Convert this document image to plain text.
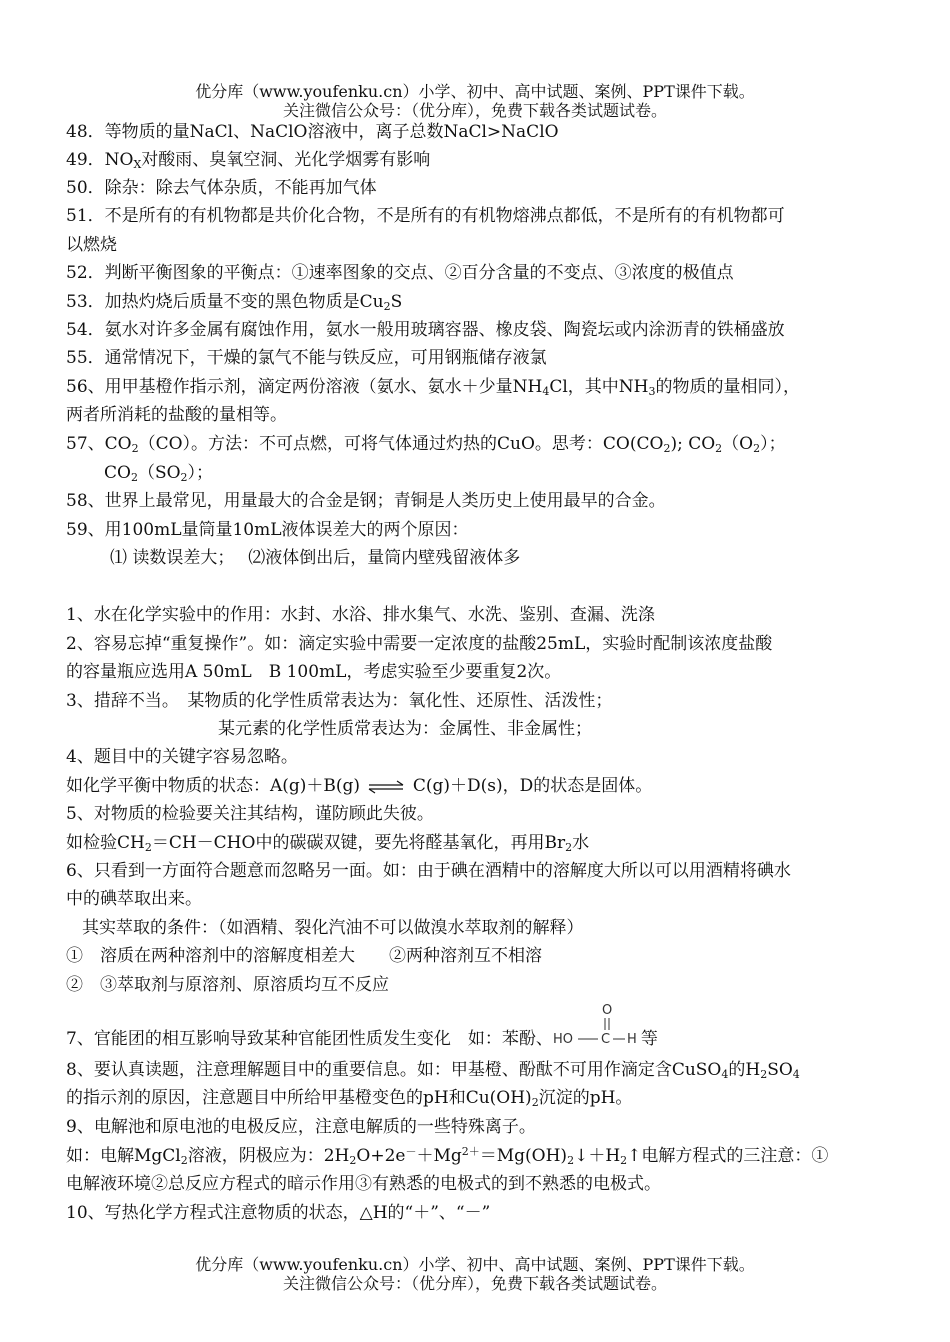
优分库（www.youfenku.cn）小学、初中、高中试题、案例、PPT课件下载。
关注微信公众号：（优分库），免费下载各类试题试卷。
48．等物质的量NaCl、NaClO溶液中，离子总数NaCl>NaClO
49．$NO_X$对酸雨、臭氧空洞、光化学烟雾有影响
50．除杂：除去气体杂质，不能再加气体
51．不是所有的有机物都是共价化合物，不是所有的有机物熔沸点都低，不是所有的有机物都可
以燃烧
52．判断平衡图象的平衡点：①速率图象的交点、②百分含量的不变点、③浓度的极值点
53．加热灼烧后质量不变的黑色物质是$Cu_2S$
54．氨水对许多金属有腐蚀作用，氨水一般用玻璃容器、橡皮袋、陶瓷坛或内涂沥青的铁桶盛放
55．通常情况下，干燥的氯气不能与铁反应，可用钢瓶储存液氯
56、用甲基橙作指示剂，滴定两份溶液（氨水、氨水＋少量$NH_4Cl$，其中$NH_3$的物质的量相同），
两者所消耗的盐酸的量相等。
57、$CO_2(CO)$。方法：不可点燃，可将气体通过灼热的CuO。思考：$CO(CO_2)$; $CO_2(O_2)$；
$CO_2(SO_2)$；
58、世界上最常见，用量最大的合金是钢；青铜是人类历史上使用最早的合金。
59、用100mL量筒量10mL液体误差大的两个原因：
⑴ 读数误差大；　 ⑵液体倒出后，量筒内壁残留液体多
1、水在化学实验中的作用：水封、水浴、排水集气、水洗、鉴别、查漏、洗涤
2、容易忘掉“重复操作”。如：滴定实验中需要一定浓度的盐酸25mL，实验时配制该浓度盐酸
的容量瓶应选用A 50mL　B 100mL，考虑实验至少要重复2次。
3、措辞不当。　某物质的化学性质常表达为：氧化性、还原性、活泼性；
某元素的化学性质常表达为：金属性、非金属性；
4、题目中的关键字容易忽略。
如化学平衡中物质的状态：A(g)＋B(g) ⇌ C(g)＋D(s)，D的状态是固体。
5、对物质的检验要关注其结构，谨防顾此失彼。
如检验$CH_2=CH-CHO$中的碳碳双键，要先将醛基氧化，再用$Br_2$水
6、只看到一方面符合题意而忽略另一面。如：由于碘在酒精中的溶解度大所以可以用酒精将碘水
中的碘萃取出来。
其实萃取的条件：（如酒精、裂化汽油不可以做溴水萃取剂的解释）
①　溶质在两种溶剂中的溶解度相差大　　②两种溶剂互不相溶
②　③萃取剂与原溶剂、原溶质均互不反应
7、官能团的相互影响导致某种官能团性质发生变化　如：苯酚、
O
HO C H 等
8、要认真读题，注意理解题目中的重要信息。如：甲基橙、酚酞不可用作滴定含CuSO$_4$的$H_2SO_4$
的指示剂的原因，注意题目中所给甲基橙变色的pH和$Cu(OH)_2$沉淀的pH。
9、电解池和原电池的电极反应，注意电解质的一些特殊离子。
如：电解MgCl$_2$溶液，阴极应为：$2H_2O+2e^-+Mg^{2+}=Mg(OH)_2↓+H_2↑$电解方程式的三注意：①
电解液环境②总反应方程式的暗示作用③有熟悉的电极式的到不熟悉的电极式。
10、写热化学方程式注意物质的状态，△H的“＋”、“－”
优分库（www.youfenku.cn）小学、初中、高中试题、案例、PPT课件下载。
关注微信公众号：（优分库），免费下载各类试题试卷。
